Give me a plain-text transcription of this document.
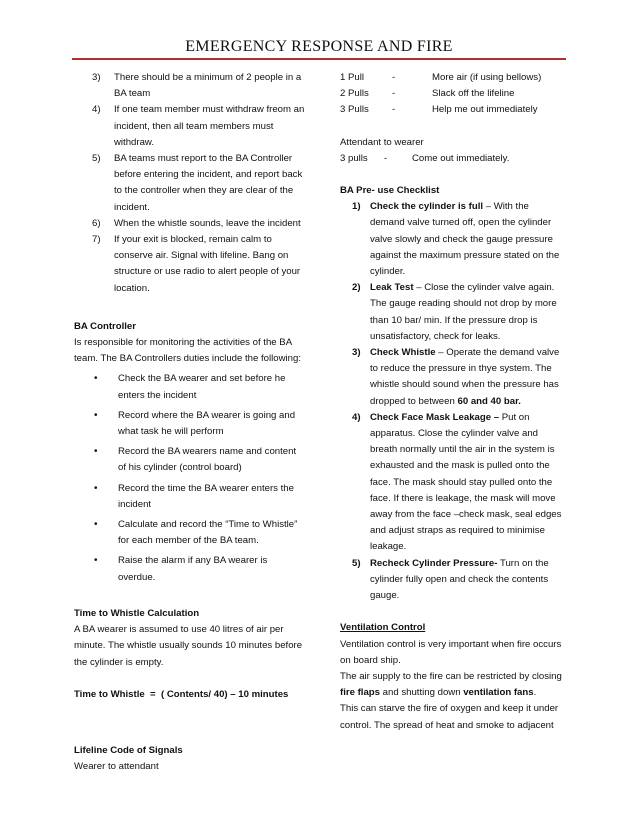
EMERGENCY RESPONSE AND FIRE
3) There should be a minimum of 2 people in a BA team
4) If one team member must withdraw freom an incident, then all team members must withdraw.
5) BA teams must report to the BA Controller before entering the incident, and report back to the controller when they are clear of the incident.
6) When the whistle sounds, leave the incident
7) If your exit is blocked, remain calm to conserve air. Signal with lifeline. Bang on structure or use radio to alert people of your location.

BA Controller

Is responsible for monitoring the activities of the BA team. The BA Controllers duties include the following:

• Check the BA wearer and set before he enters the incident
• Record where the BA wearer is going and what task he will perform
• Record the BA wearers name and content of his cylinder (control board)
• Record the time the BA wearer enters the incident
• Calculate and record the “Time to Whistle” for each member of the BA team.
• Raise the alarm if any BA wearer is overdue.

Time to Whistle Calculation

A BA wearer is assumed to use 40 litres of air per minute. The whistle usually sounds 10 minutes before the cylinder is empty.

Time to Whistle  =  ( Contents/ 40) – 10 minutes

Lifeline Code of Signals

Wearer to attendant

1 Pull	-	More air (if using bellows)
2 Pulls	-	Slack off the lifeline
3 Pulls	-	Help me out immediately

Attendant to wearer

3 pulls	-	Come out immediately.

BA Pre- use Checklist

1) Check the cylinder is full – With the demand valve turned off, open the cylinder valve slowly and check the gauge pressure against the maximum pressure stated on the cylinder.
2) Leak Test – Close the cylinder valve again. The gauge reading should not drop by more than 10 bar/ min. If the pressure drop is unsatisfactory, check for leaks.
3) Check Whistle – Operate the demand valve to reduce the pressure in thye system. The whistle should sound when the pressure has dropped to between 60 and 40 bar.
4) Check Face Mask Leakage – Put on apparatus. Close the cylinder valve and breath normally until the air in the system is exhausted and the mask is pulled onto the face. The mask should stay pulled onto the face. If there is leakage, the mask will move away from the face –check mask, seal edges and adjust straps as required to minimise leakage.
5) Recheck Cylinder Pressure- Turn on the cylinder fully open and check the contents gauge.

Ventilation Control

Ventilation control is very important when fire occurs on board ship.

The air supply to the fire can be restricted by closing fire flaps and shutting down ventilation fans.

This can starve the fire of oxygen and keep it under control. The spread of heat and smoke to adjacent
